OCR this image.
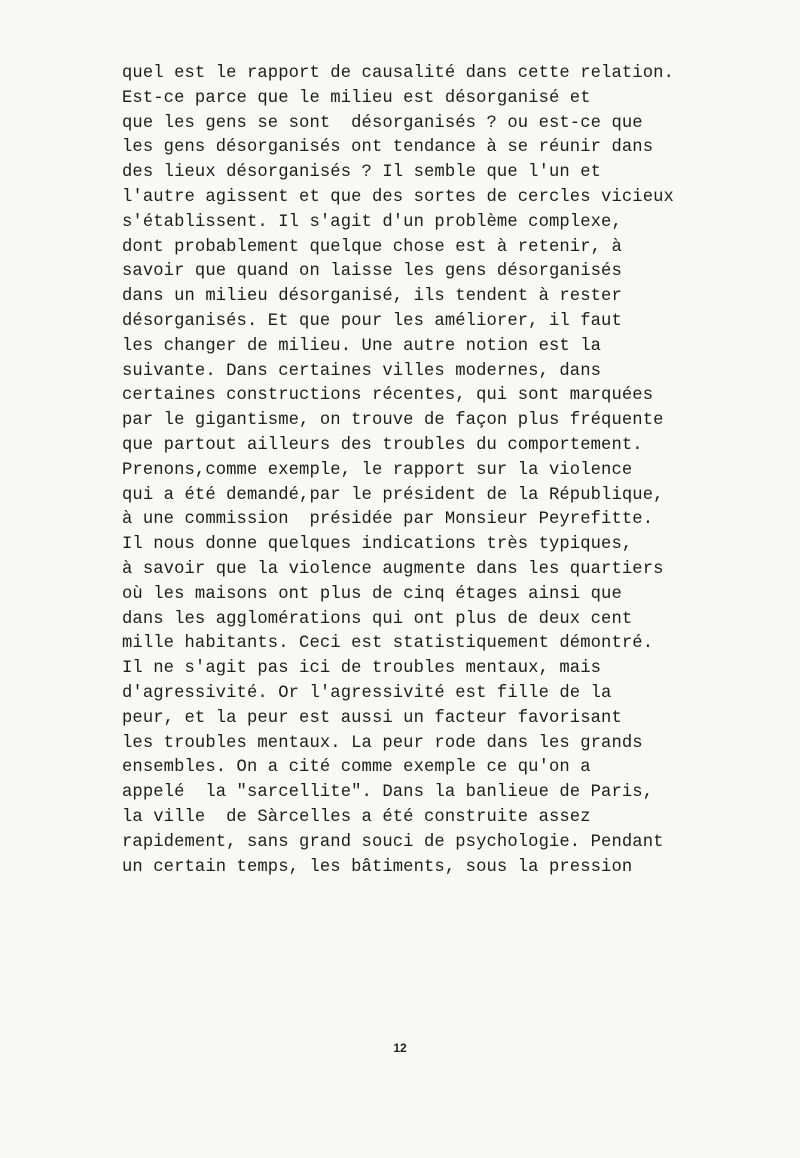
quel est le rapport de causalité dans cette relation.
Est-ce parce que le milieu est désorganisé et
que les gens se sont  désorganisés ? ou est-ce que
les gens désorganisés ont tendance à se réunir dans
des lieux désorganisés ? Il semble que l'un et
l'autre agissent et que des sortes de cercles vicieux
s'établissent. Il s'agit d'un problème complexe,
dont probablement quelque chose est à retenir, à
savoir que quand on laisse les gens désorganisés
dans un milieu désorganisé, ils tendent à rester
désorganisés. Et que pour les améliorer, il faut
les changer de milieu. Une autre notion est la
suivante. Dans certaines villes modernes, dans
certaines constructions récentes, qui sont marquées
par le gigantisme, on trouve de façon plus fréquente
que partout ailleurs des troubles du comportement.
Prenons,comme exemple, le rapport sur la violence
qui a été demandé,par le président de la République,
à une commission  présidée par Monsieur Peyrefitte.
Il nous donne quelques indications très typiques,
à savoir que la violence augmente dans les quartiers
où les maisons ont plus de cinq étages ainsi que
dans les agglomérations qui ont plus de deux cent
mille habitants. Ceci est statistiquement démontré.
Il ne s'agit pas ici de troubles mentaux, mais
d'agressivité. Or l'agressivité est fille de la
peur, et la peur est aussi un facteur favorisant
les troubles mentaux. La peur rode dans les grands
ensembles. On a cité comme exemple ce qu'on a
appelé  la "sarcellite". Dans la banlieue de Paris,
la ville  de Sàrcelles a été construite assez
rapidement, sans grand souci de psychologie. Pendant
un certain temps, les bâtiments, sous la pression
12
